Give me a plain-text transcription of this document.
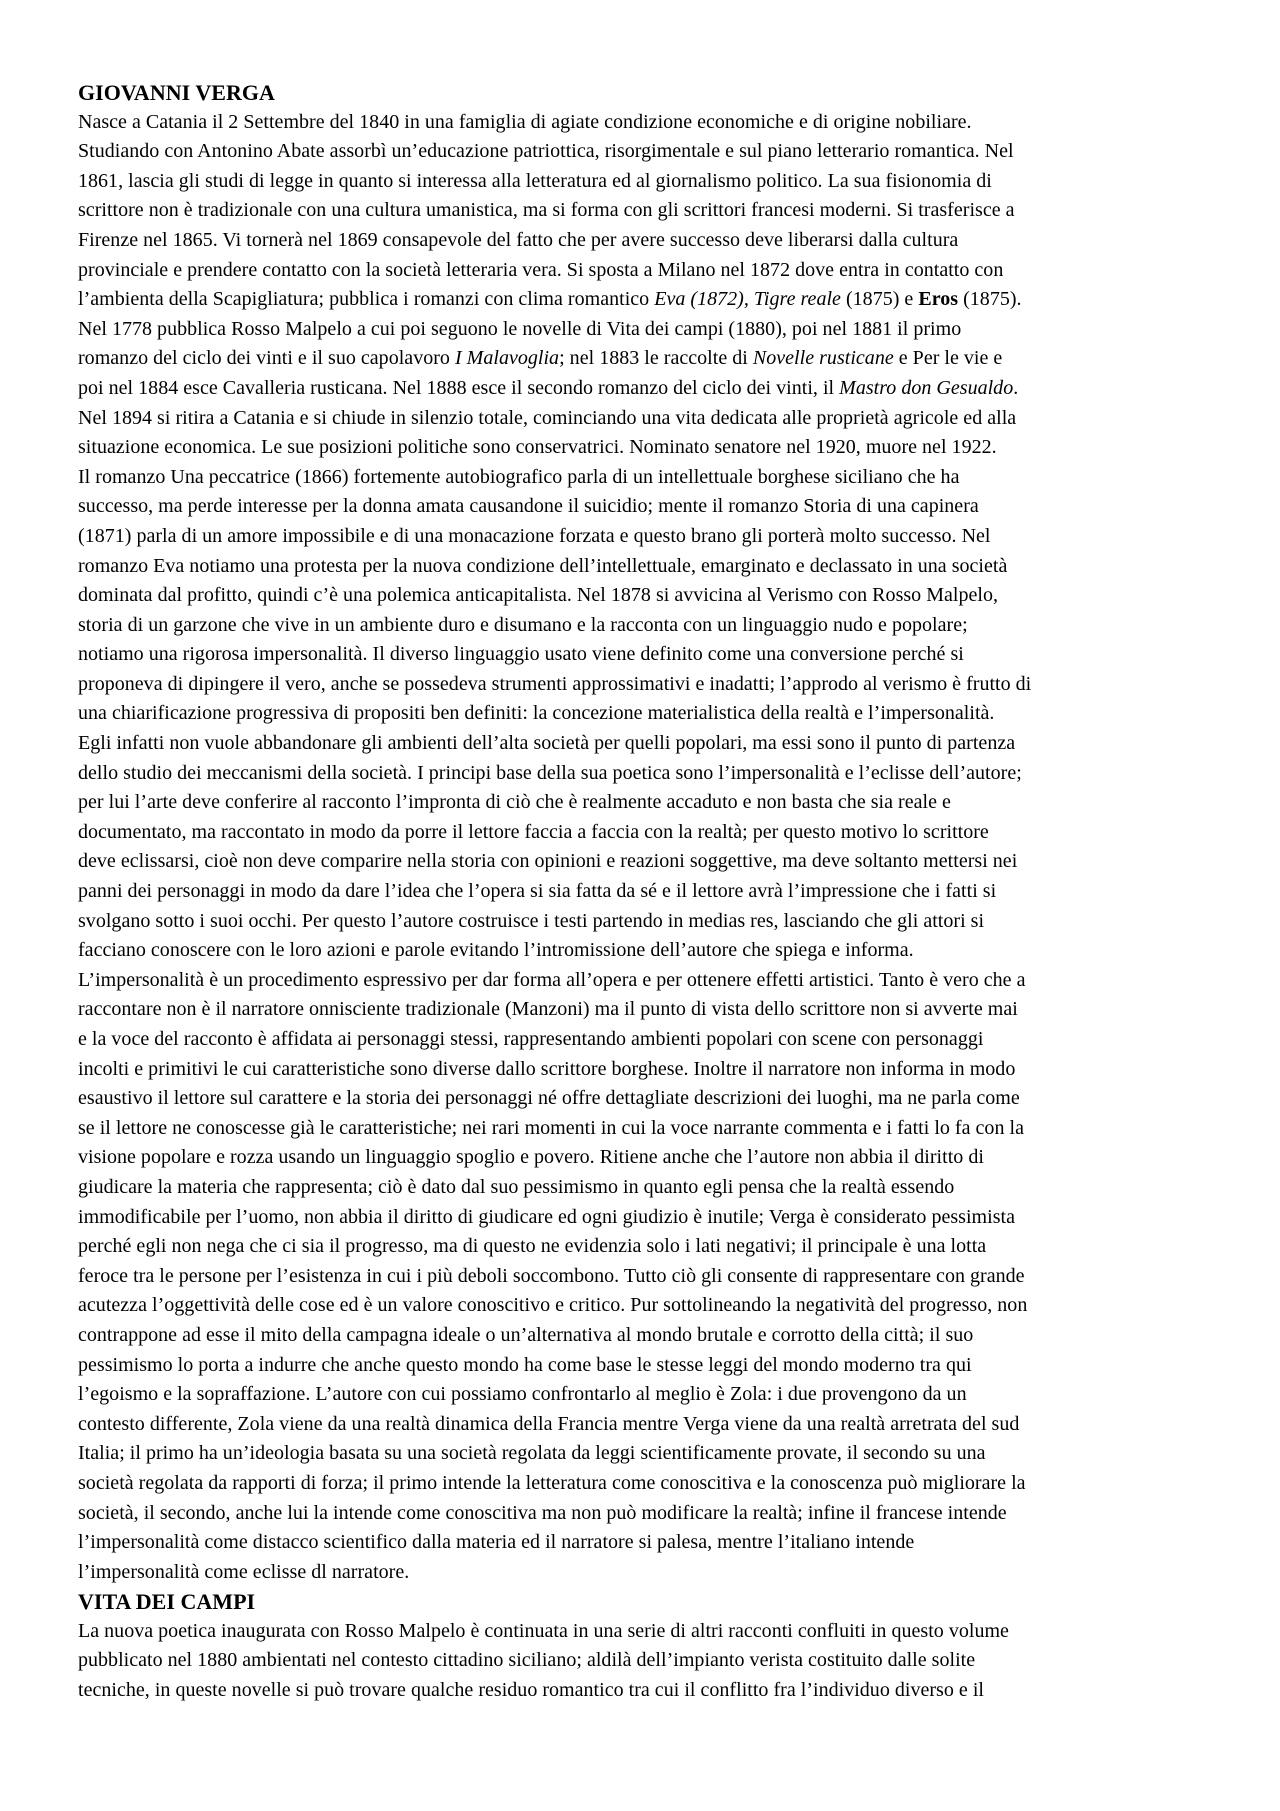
GIOVANNI VERGA
Nasce a Catania il 2 Settembre del 1840 in una famiglia di agiate condizione economiche e di origine nobiliare.
Studiando con Antonino Abate assorbì un’educazione patriottica, risorgimentale e sul piano letterario romantica. Nel
1861, lascia gli studi di legge in quanto si interessa alla letteratura ed al giornalismo politico. La sua fisionomia di
scrittore non è tradizionale con una cultura umanistica, ma si forma con gli scrittori francesi moderni. Si trasferisce a
Firenze nel 1865. Vi tornerà nel 1869 consapevole del fatto che per avere successo deve liberarsi dalla cultura
provinciale e prendere contatto con la società letteraria vera. Si sposta a Milano nel 1872 dove entra in contatto con
l’ambienta della Scapigliatura; pubblica i romanzi con clima romantico Eva (1872), Tigre reale (1875) e Eros (1875).
Nel 1778 pubblica Rosso Malpelo a cui poi seguono le novelle di Vita dei campi (1880), poi nel 1881 il primo
romanzo del ciclo dei vinti e il suo capolavoro I Malavoglia; nel 1883 le raccolte di Novelle rusticane e Per le vie e
poi nel 1884 esce Cavalleria rusticana. Nel 1888 esce il secondo romanzo del ciclo dei vinti, il Mastro don Gesualdo.
Nel 1894 si ritira a Catania e si chiude in silenzio totale, cominciando una vita dedicata alle proprietà agricole ed alla
situazione economica. Le sue posizioni politiche sono conservatrici. Nominato senatore nel 1920, muore nel 1922.
Il romanzo Una peccatrice (1866) fortemente autobiografico parla di un intellettuale borghese siciliano che ha
successo, ma perde interesse per la donna amata causandone il suicidio; mente il romanzo Storia di una capinera
(1871) parla di un amore impossibile e di una monacazione forzata e questo brano gli porterà molto successo. Nel
romanzo Eva notiamo una protesta per la nuova condizione dell’intellettuale, emarginato e declassato in una società
dominata dal profitto, quindi c’è una polemica anticapitalista. Nel 1878 si avvicina al Verismo con Rosso Malpelo,
storia di un garzone che vive in un ambiente duro e disumano e la racconta con un linguaggio nudo e popolare;
notiamo una rigorosa impersonalità. Il diverso linguaggio usato viene definito come una conversione perché si
proponeva di dipingere il vero, anche se possedeva strumenti approssimativi e inadatti; l’approdo al verismo è frutto di
una chiarificazione progressiva di propositi ben definiti: la concezione materialistica della realtà e l’impersonalità.
Egli infatti non vuole abbandonare gli ambienti dell’alta società per quelli popolari, ma essi sono il punto di partenza
dello studio dei meccanismi della società. I principi base della sua poetica sono l’impersonalità e l’eclisse dell’autore;
per lui l’arte deve conferire al racconto l’impronta di ciò che è realmente accaduto e non basta che sia reale e
documentato, ma raccontato in modo da porre il lettore faccia a faccia con la realtà; per questo motivo lo scrittore
deve eclissarsi, cioè non deve comparire nella storia con opinioni e reazioni soggettive, ma deve soltanto mettersi nei
panni dei personaggi in modo da dare l’idea che l’opera si sia fatta da sé e il lettore avrà l’impressione che i fatti si
svolgano sotto i suoi occhi. Per questo l’autore costruisce i testi partendo in medias res, lasciando che gli attori si
facciano conoscere con le loro azioni e parole evitando l’intromissione dell’autore che spiega e informa.
L’impersonalità è un procedimento espressivo per dar forma all’opera e per ottenere effetti artistici. Tanto è vero che a
raccontare non è il narratore onnisciente tradizionale (Manzoni) ma il punto di vista dello scrittore non si avverte mai
e la voce del racconto è affidata ai personaggi stessi, rappresentando ambienti popolari con scene con personaggi
incolti e primitivi le cui caratteristiche sono diverse dallo scrittore borghese. Inoltre il narratore non informa in modo
esaustivo il lettore sul carattere e la storia dei personaggi né offre dettagliate descrizioni dei luoghi, ma ne parla come
se il lettore ne conoscesse già le caratteristiche; nei rari momenti in cui la voce narrante commenta e i fatti lo fa con la
visione popolare e rozza usando un linguaggio spoglio e povero. Ritiene anche che l’autore non abbia il diritto di
giudicare la materia che rappresenta; ciò è dato dal suo pessimismo in quanto egli pensa che la realtà essendo
immodificabile per l’uomo, non abbia il diritto di giudicare ed ogni giudizio è inutile; Verga è considerato pessimista
perché egli non nega che ci sia il progresso, ma di questo ne evidenzia solo i lati negativi; il principale è una lotta
feroce tra le persone per l’esistenza in cui i più deboli soccombono. Tutto ciò gli consente di rappresentare con grande
acutezza l’oggettività delle cose ed è un valore conoscitivo e critico. Pur sottolineando la negatività del progresso, non
contrappone ad esse il mito della campagna ideale o un’alternativa al mondo brutale e corrotto della città; il suo
pessimismo lo porta a indurre che anche questo mondo ha come base le stesse leggi del mondo moderno tra qui
l’egoismo e la sopraffazione. L’autore con cui possiamo confrontarlo al meglio è Zola: i due provengono da un
contesto differente, Zola viene da una realtà dinamica della Francia mentre Verga viene da una realtà arretrata del sud
Italia; il primo ha un’ideologia basata su una società regolata da leggi scientificamente provate, il secondo su una
società regolata da rapporti di forza; il primo intende la letteratura come conoscitiva e la conoscenza può migliorare la
società, il secondo, anche lui la intende come conoscitiva ma non può modificare la realtà; infine il francese intende
l’impersonalità come distacco scientifico dalla materia ed il narratore si palesa, mentre l’italiano intende
l’impersonalità come eclisse dl narratore.
VITA DEI CAMPI
La nuova poetica inaugurata con Rosso Malpelo è continuata in una serie di altri racconti confluiti in questo volume
pubblicato nel 1880 ambientati nel contesto cittadino siciliano; aldilà dell’impianto verista costituito dalle solite
tecniche, in queste novelle si può trovare qualche residuo romantico tra cui il conflitto fra l’individuo diverso e il
